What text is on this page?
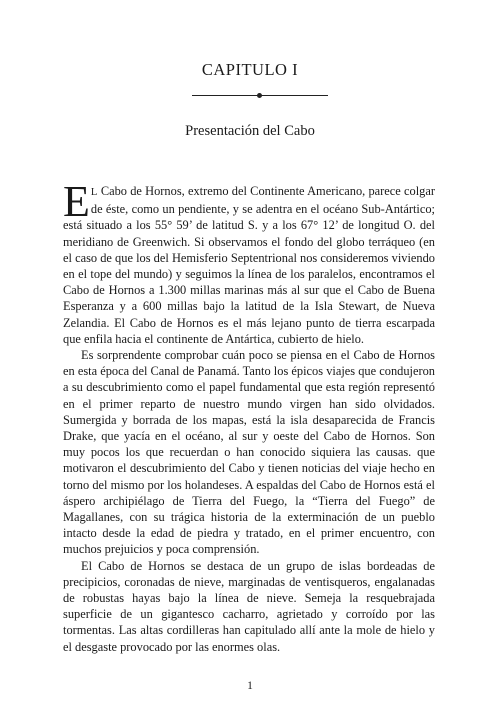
CAPITULO I
Presentación del Cabo

E L Cabo de Hornos, extremo del Continente Americano, parece colgar de éste, como un pendiente, y se adentra en el océano Sub-Antártico; está situado a los 55° 59’ de latitud S. y a los 67° 12’ de longitud O. del meridiano de Greenwich. Si observamos el fondo del globo terráqueo (en el caso de que los del Hemisferio Septentrional nos consideremos viviendo en el tope del mundo) y seguimos la línea de los paralelos, encontramos el Cabo de Hornos a 1.300 millas marinas más al sur que el Cabo de Buena Esperanza y a 600 millas bajo la latitud de la Isla Stewart, de Nueva Zelandia. El Cabo de Hornos es el más lejano punto de tierra escarpada que enfila hacia el continente de Antártica, cubierto de hielo.

Es sorprendente comprobar cuán poco se piensa en el Cabo de Hornos en esta época del Canal de Panamá. Tanto los épicos viajes que condujeron a su descubrimiento como el papel fundamental que esta región representó en el primer reparto de nuestro mundo virgen han sido olvidados. Sumergida y borrada de los mapas, está la isla desaparecida de Francis Drake, que yacía en el océano, al sur y oeste del Cabo de Hornos. Son muy pocos los que recuerdan o han conocido siquiera las causas. que motivaron el descubrimiento del Cabo y tienen noticias del viaje hecho en torno del mismo por los holandeses. A espaldas del Cabo de Hornos está el áspero archipiélago de Tierra del Fuego, la “Tierra del Fuego” de Magallanes, con su trágica historia de la exterminación de un pueblo intacto desde la edad de piedra y tratado, en el primer encuentro, con muchos prejuicios y poca comprensión.

El Cabo de Hornos se destaca de un grupo de islas bordeadas de precipicios, coronadas de nieve, marginadas de ventisqueros, engalanadas de robustas hayas bajo la línea de nieve. Semeja la resquebrajada superficie de un gigantesco cacharro, agrietado y corroído por las tormentas. Las altas cordilleras han capitulado allí ante la mole de hielo y el desgaste provocado por las enormes olas.

1
